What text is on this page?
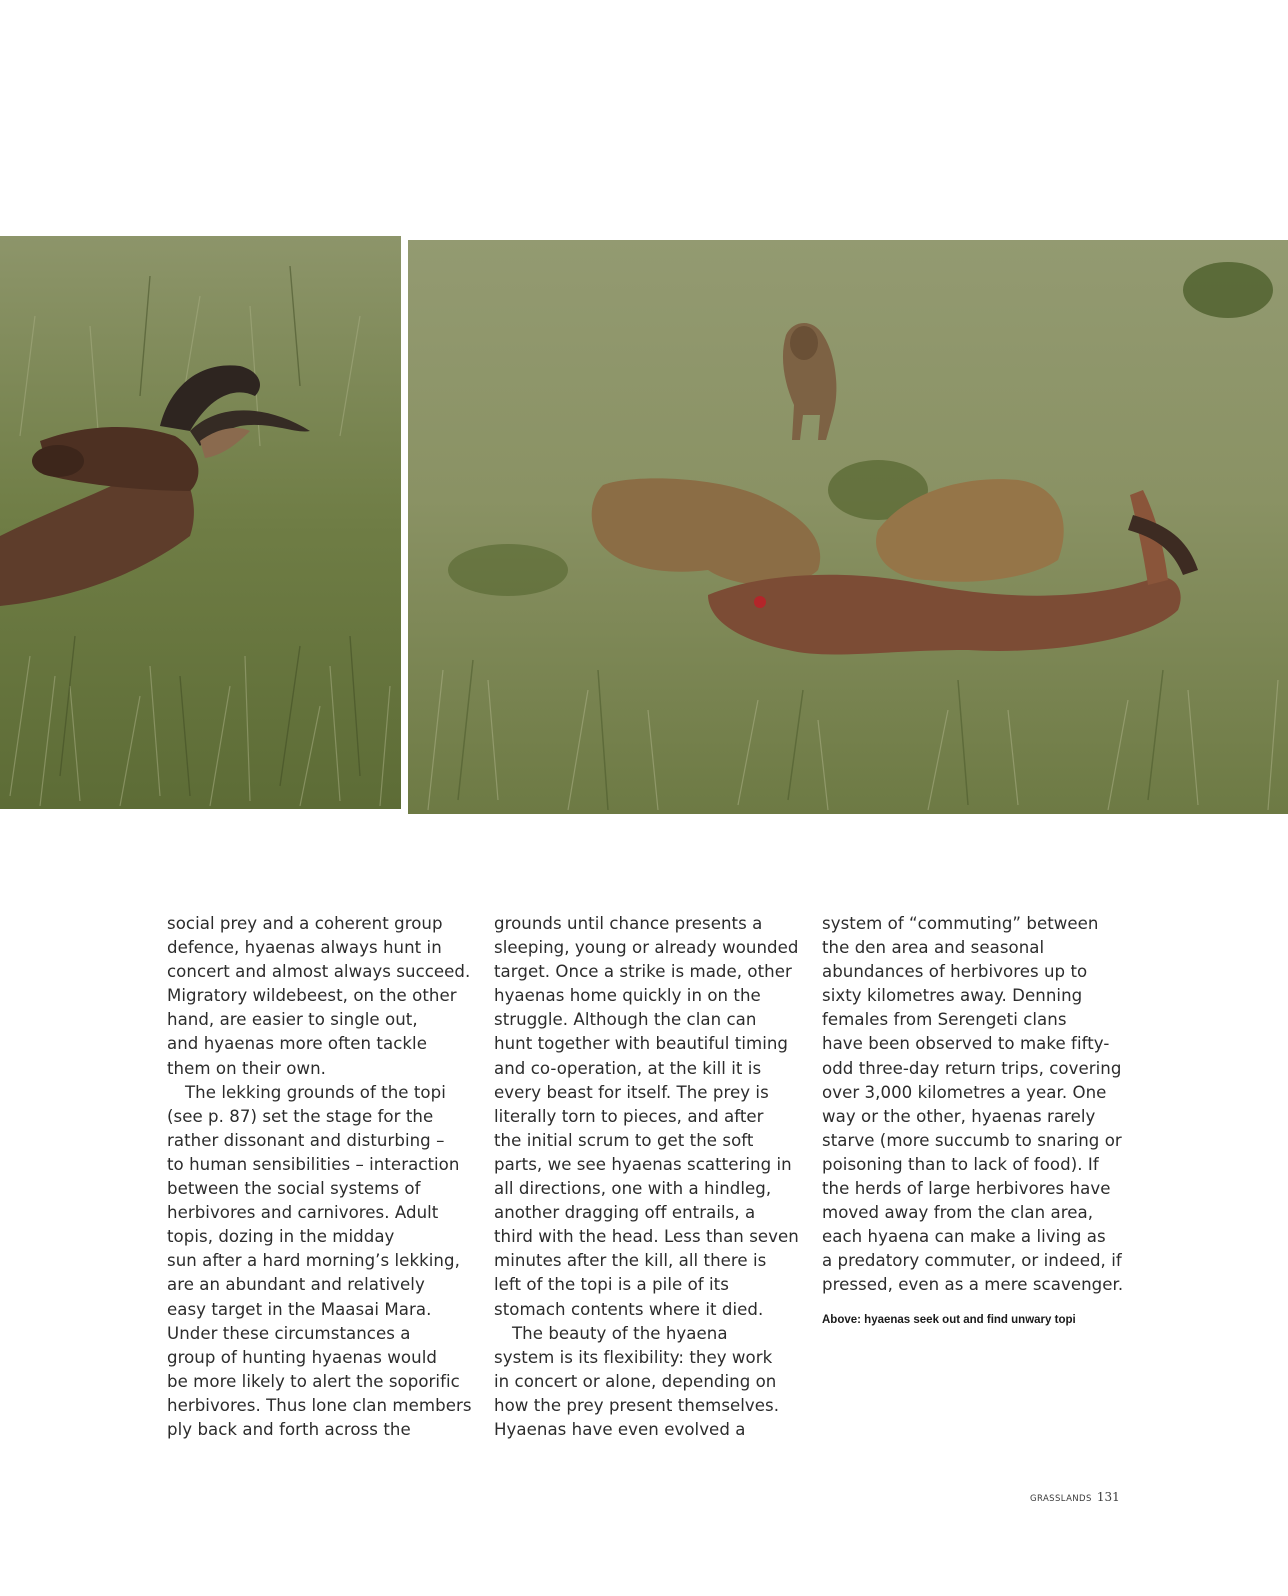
social prey and a coherent group
defence, hyaenas always hunt in
concert and almost always succeed.
Migratory wildebeest, on the other
hand, are easier to single out,
and hyaenas more often tackle
them on their own.
The lekking grounds of the topi
(see p. 87) set the stage for the
rather dissonant and disturbing –
to human sensibilities – interaction
between the social systems of
herbivores and carnivores. Adult
topis, dozing in the midday
sun after a hard morning’s lekking,
are an abundant and relatively
easy target in the Maasai Mara.
Under these circumstances a
group of hunting hyaenas would
be more likely to alert the soporific
herbivores. Thus lone clan members
ply back and forth across the
grounds until chance presents a
sleeping, young or already wounded
target. Once a strike is made, other
hyaenas home quickly in on the
struggle. Although the clan can
hunt together with beautiful timing
and co-operation, at the kill it is
every beast for itself. The prey is
literally torn to pieces, and after
the initial scrum to get the soft
parts, we see hyaenas scattering in
all directions, one with a hindleg,
another dragging off entrails, a
third with the head. Less than seven
minutes after the kill, all there is
left of the topi is a pile of its
stomach contents where it died.
The beauty of the hyaena
system is its flexibility: they work
in concert or alone, depending on
how the prey present themselves.
Hyaenas have even evolved a
system of “commuting” between
the den area and seasonal
abundances of herbivores up to
sixty kilometres away. Denning
females from Serengeti clans
have been observed to make fifty-
odd three-day return trips, covering
over 3,000 kilometres a year. One
way or the other, hyaenas rarely
starve (more succumb to snaring or
poisoning than to lack of food). If
the herds of large herbivores have
moved away from the clan area,
each hyaena can make a living as
a predatory commuter, or indeed, if
pressed, even as a mere scavenger.
Above: hyaenas seek out and find unwary topi
GRASSLANDS 131
